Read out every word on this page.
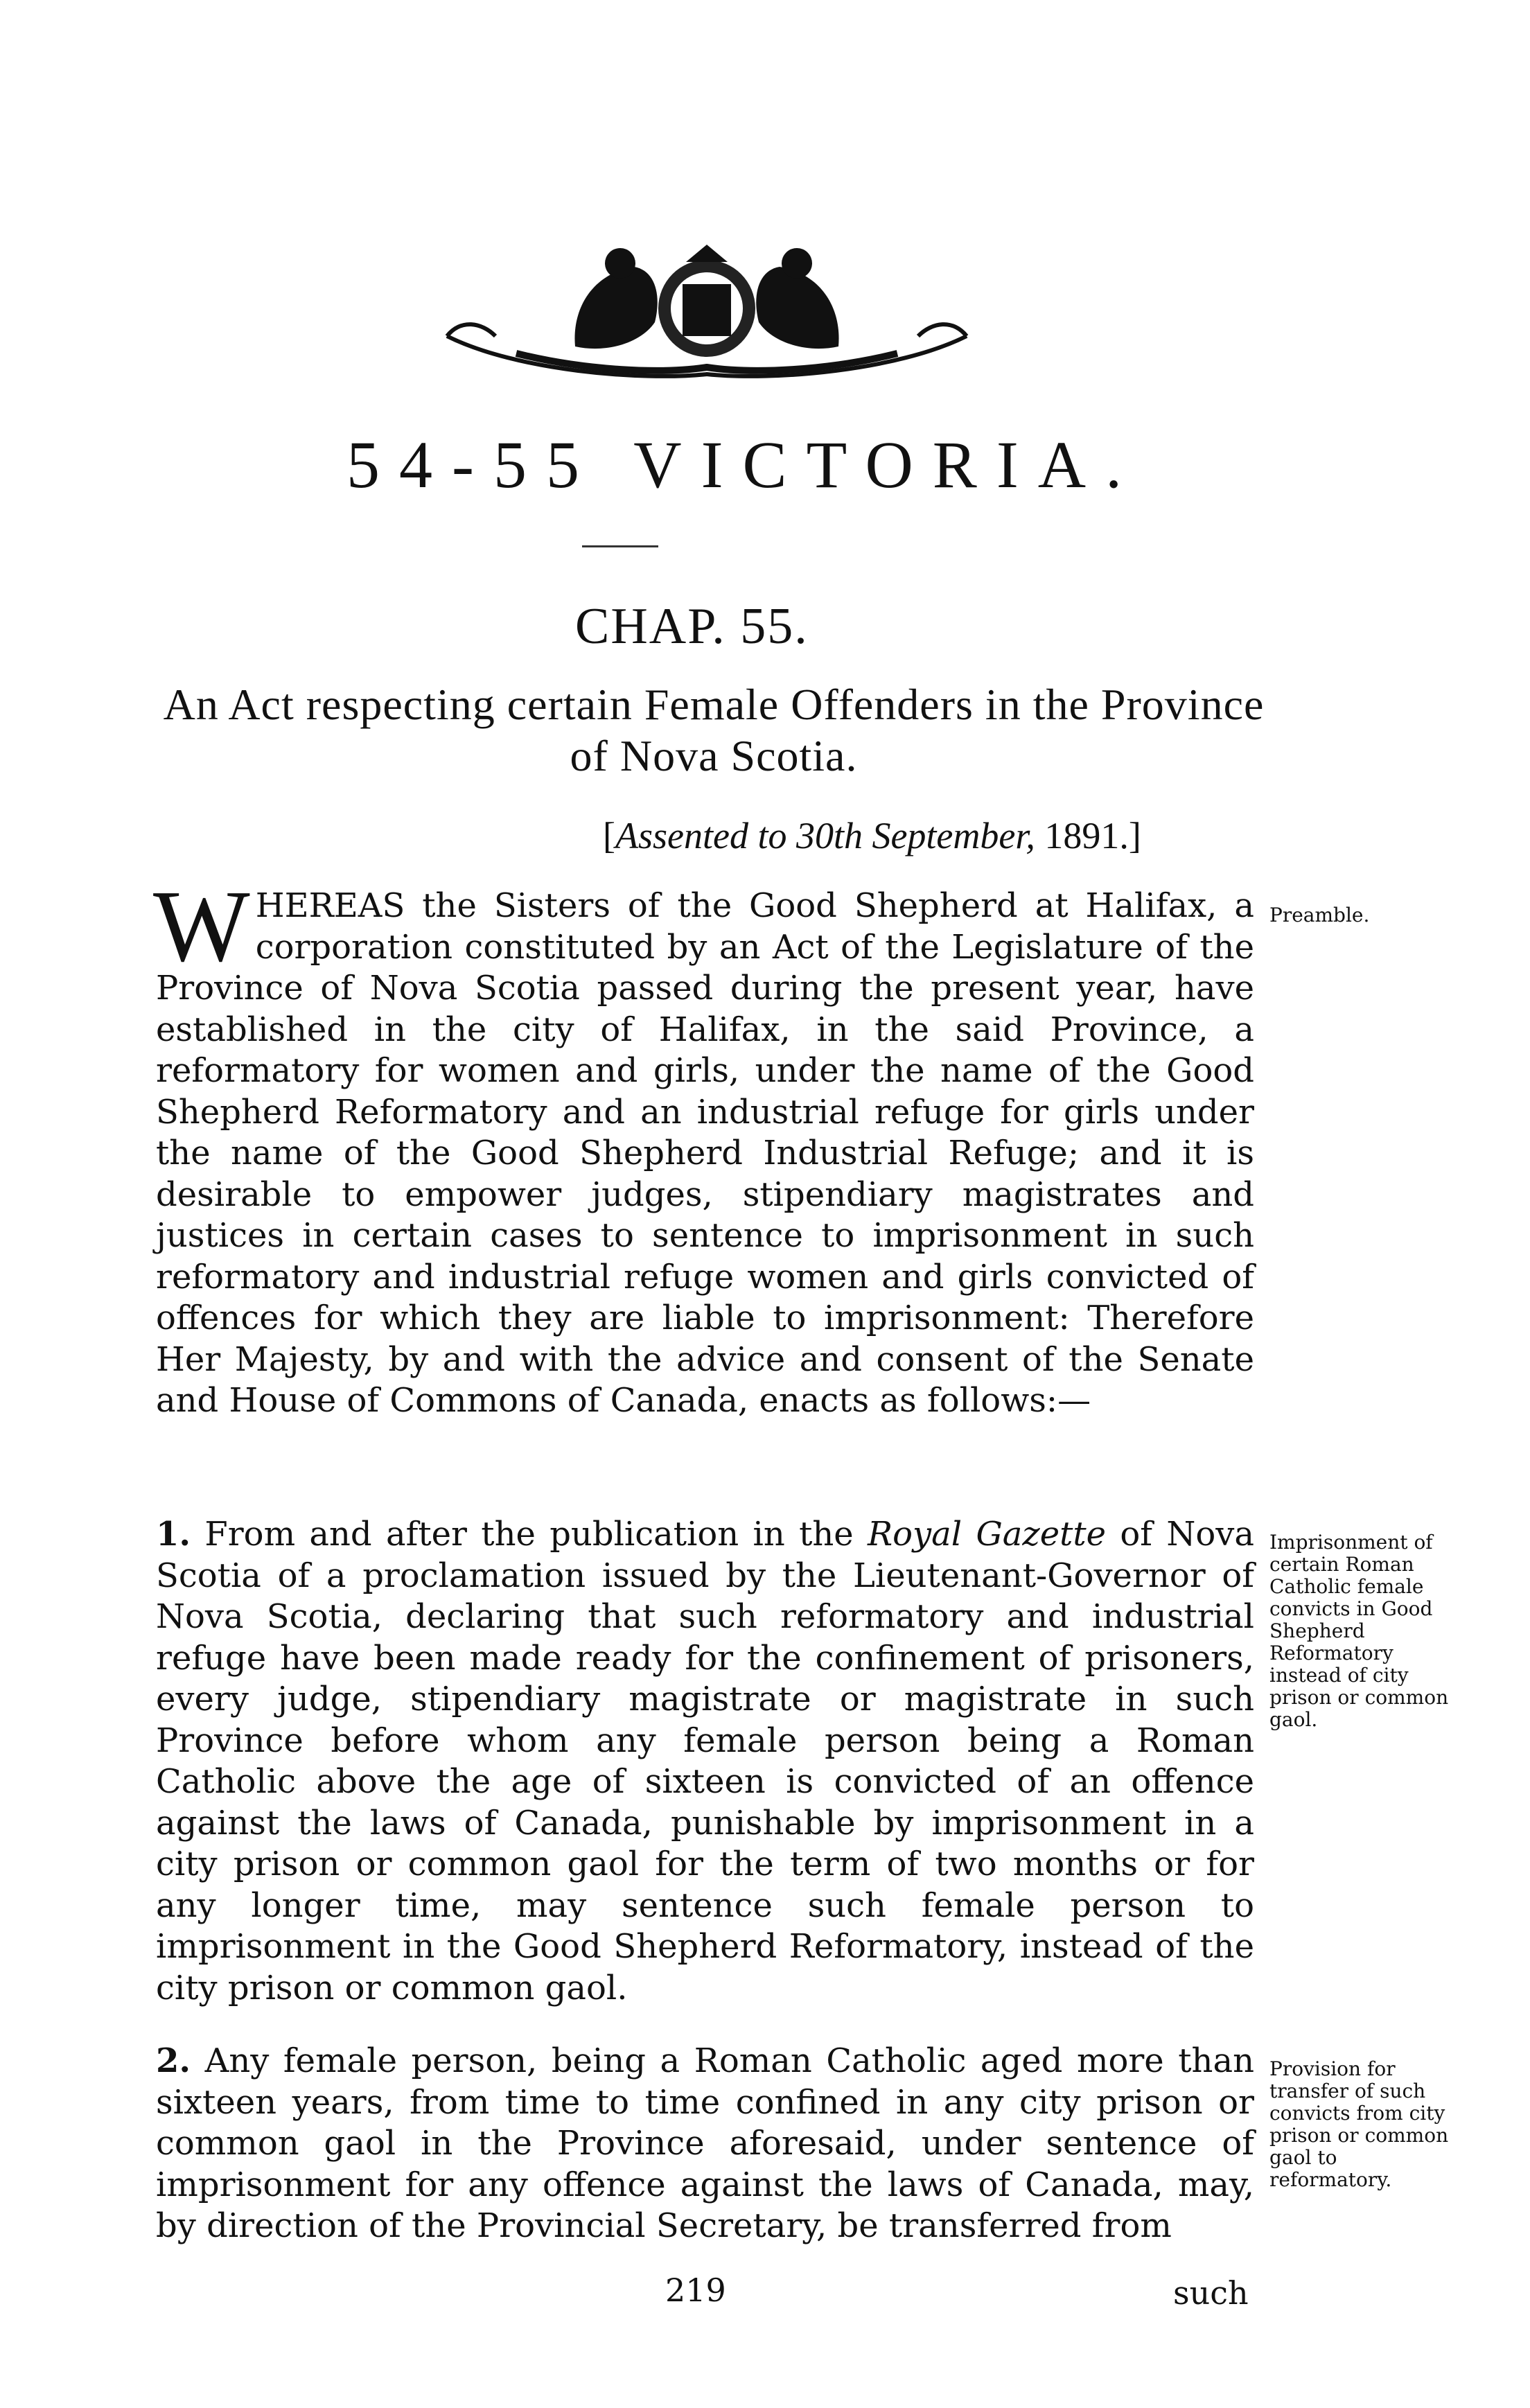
54-55 VICTORIA.
CHAP. 55.
An Act respecting certain Female Offenders in the Province of Nova Scotia.
[Assented to 30th September, 1891.]
WHEREAS the Sisters of the Good Shepherd at Halifax, a corporation constituted by an Act of the Legislature of the Province of Nova Scotia passed during the present year, have established in the city of Halifax, in the said Province, a reformatory for women and girls, under the name of the Good Shepherd Reformatory and an industrial refuge for girls under the name of the Good Shepherd Industrial Refuge; and it is desirable to empower judges, stipendiary magistrates and justices in certain cases to sentence to imprisonment in such reformatory and industrial refuge women and girls convicted of offences for which they are liable to imprisonment: Therefore Her Majesty, by and with the advice and consent of the Senate and House of Commons of Canada, enacts as follows:—
Preamble.
1. From and after the publication in the Royal Gazette of Nova Scotia of a proclamation issued by the Lieutenant-Governor of Nova Scotia, declaring that such reformatory and industrial refuge have been made ready for the confinement of prisoners, every judge, stipendiary magistrate or magistrate in such Province before whom any female person being a Roman Catholic above the age of sixteen is convicted of an offence against the laws of Canada, punishable by imprisonment in a city prison or common gaol for the term of two months or for any longer time, may sentence such female person to imprisonment in the Good Shepherd Reformatory, instead of the city prison or common gaol.
Imprisonment of certain Roman Catholic female convicts in Good Shepherd Reformatory instead of city prison or common gaol.
2. Any female person, being a Roman Catholic aged more than sixteen years, from time to time confined in any city prison or common gaol in the Province aforesaid, under sentence of imprisonment for any offence against the laws of Canada, may, by direction of the Provincial Secretary, be transferred from
Provision for transfer of such convicts from city prison or common gaol to reformatory.
219	such
